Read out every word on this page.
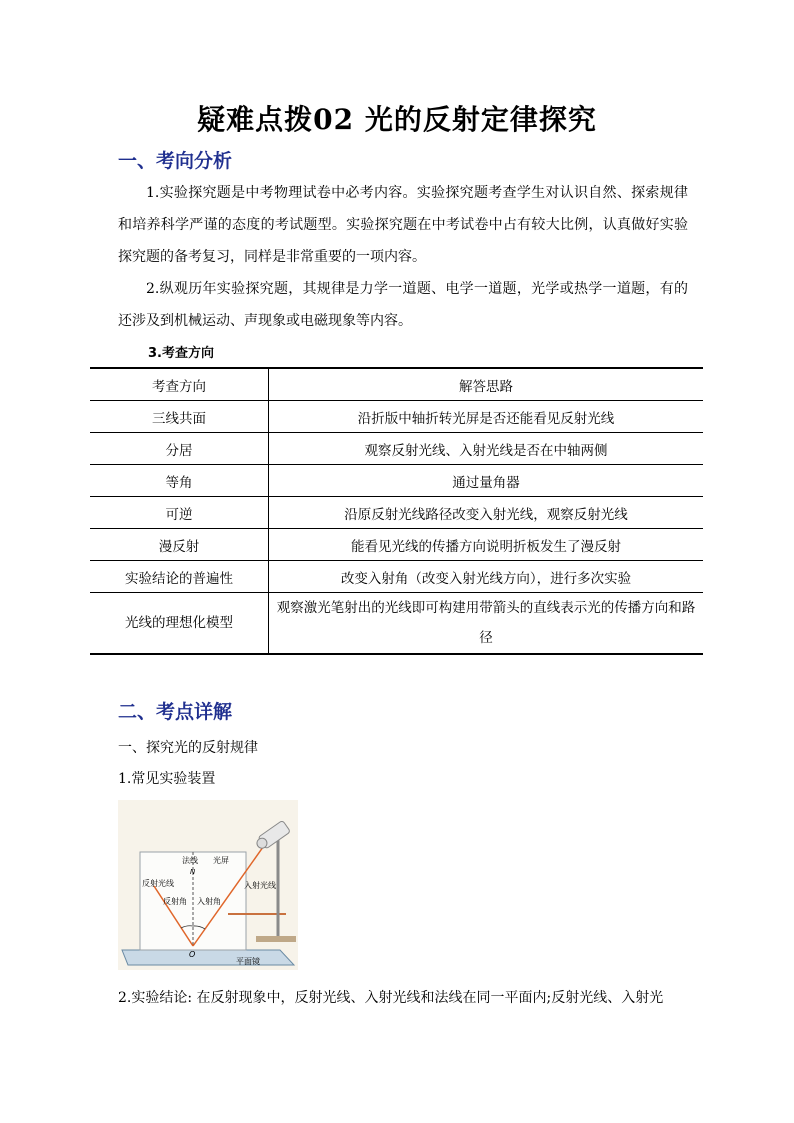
疑难点拨02 光的反射定律探究
一、考向分析
1.实验探究题是中考物理试卷中必考内容。实验探究题考查学生对认识自然、探索规律和培养科学严谨的态度的考试题型。实验探究题在中考试卷中占有较大比例，认真做好实验探究题的备考复习，同样是非常重要的一项内容。
2.纵观历年实验探究题，其规律是力学一道题、电学一道题，光学或热学一道题，有的还涉及到机械运动、声现象或电磁现象等内容。
3.考查方向
考查方向	解答思路
三线共面	沿折版中轴折转光屏是否还能看见反射光线
分居	观察反射光线、入射光线是否在中轴两侧
等角	通过量角器
可逆	沿原反射光线路径改变入射光线，观察反射光线
漫反射	能看见光线的传播方向说明折板发生了漫反射
实验结论的普遍性	改变入射角（改变入射光线方向），进行多次实验
光线的理想化模型	观察激光笔射出的光线即可构建用带箭头的直线表示光的传播方向和路径
二、考点详解
一、探究光的反射规律
1.常见实验装置
法线
N
光屏
反射光线
反射角 入射角
入射光线
O
平面镜
2.实验结论: 在反射现象中，反射光线、入射光线和法线在同一平面内;反射光线、入射光
